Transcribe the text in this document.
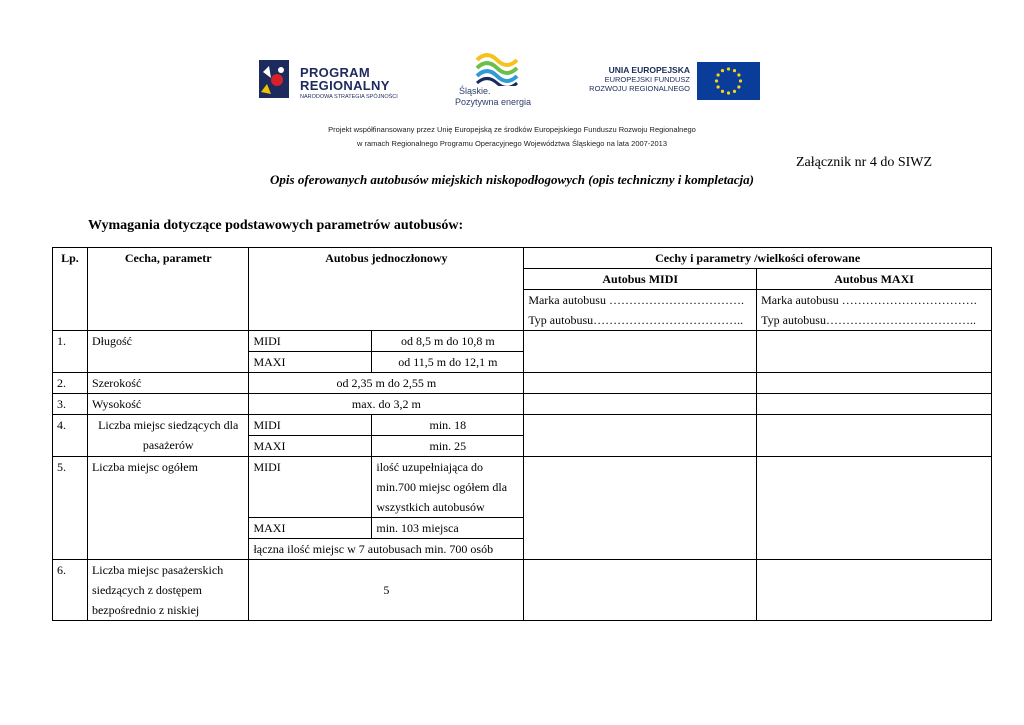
PROGRAM
REGIONALNY
NARODOWA STRATEGIA SPÓJNOŚCI
Śląskie.
Pozytywna energia
UNIA EUROPEJSKA
EUROPEJSKI FUNDUSZ
ROZWOJU REGIONALNEGO
Projekt współfinansowany przez Unię Europejską ze środków Europejskiego Funduszu Rozwoju Regionalnego
w ramach Regionalnego Programu Operacyjnego Województwa Śląskiego na lata 2007-2013
Załącznik nr 4 do SIWZ
Opis oferowanych autobusów miejskich niskopodłogowych (opis techniczny i kompletacja)
Wymagania dotyczące podstawowych parametrów autobusów:
Lp.	Cecha, parametr	Autobus jednoczłonowy		Cechy i parametry /wielkości oferowane	
				Autobus MIDI	Autobus MAXI
				Marka autobusu …………………………….	Marka autobusu …………………………….
				Typ autobusu………………………………..	Typ autobusu………………………………..
1.	Długość	MIDI	od 8,5 m do 10,8 m		
		MAXI	od 11,5 m do 12,1 m		
2.	Szerokość	od 2,35 m do 2,55 m			
3.	Wysokość	max. do 3,2 m			
4.	Liczba miejsc siedzących dla
pasażerów	MIDI	min. 18		
		MAXI	min. 25		
5.	Liczba miejsc ogółem	MIDI	ilość uzupełniająca do
min.700 miejsc ogółem dla
wszystkich autobusów		

		MAXI	min. 103 miejsca		
		łączna ilość miejsc w 7 autobusach min. 700 osób			
6.	Liczba miejsc pasażerskich
siedzących z dostępem
bezpośrednio z niskiej	5			
